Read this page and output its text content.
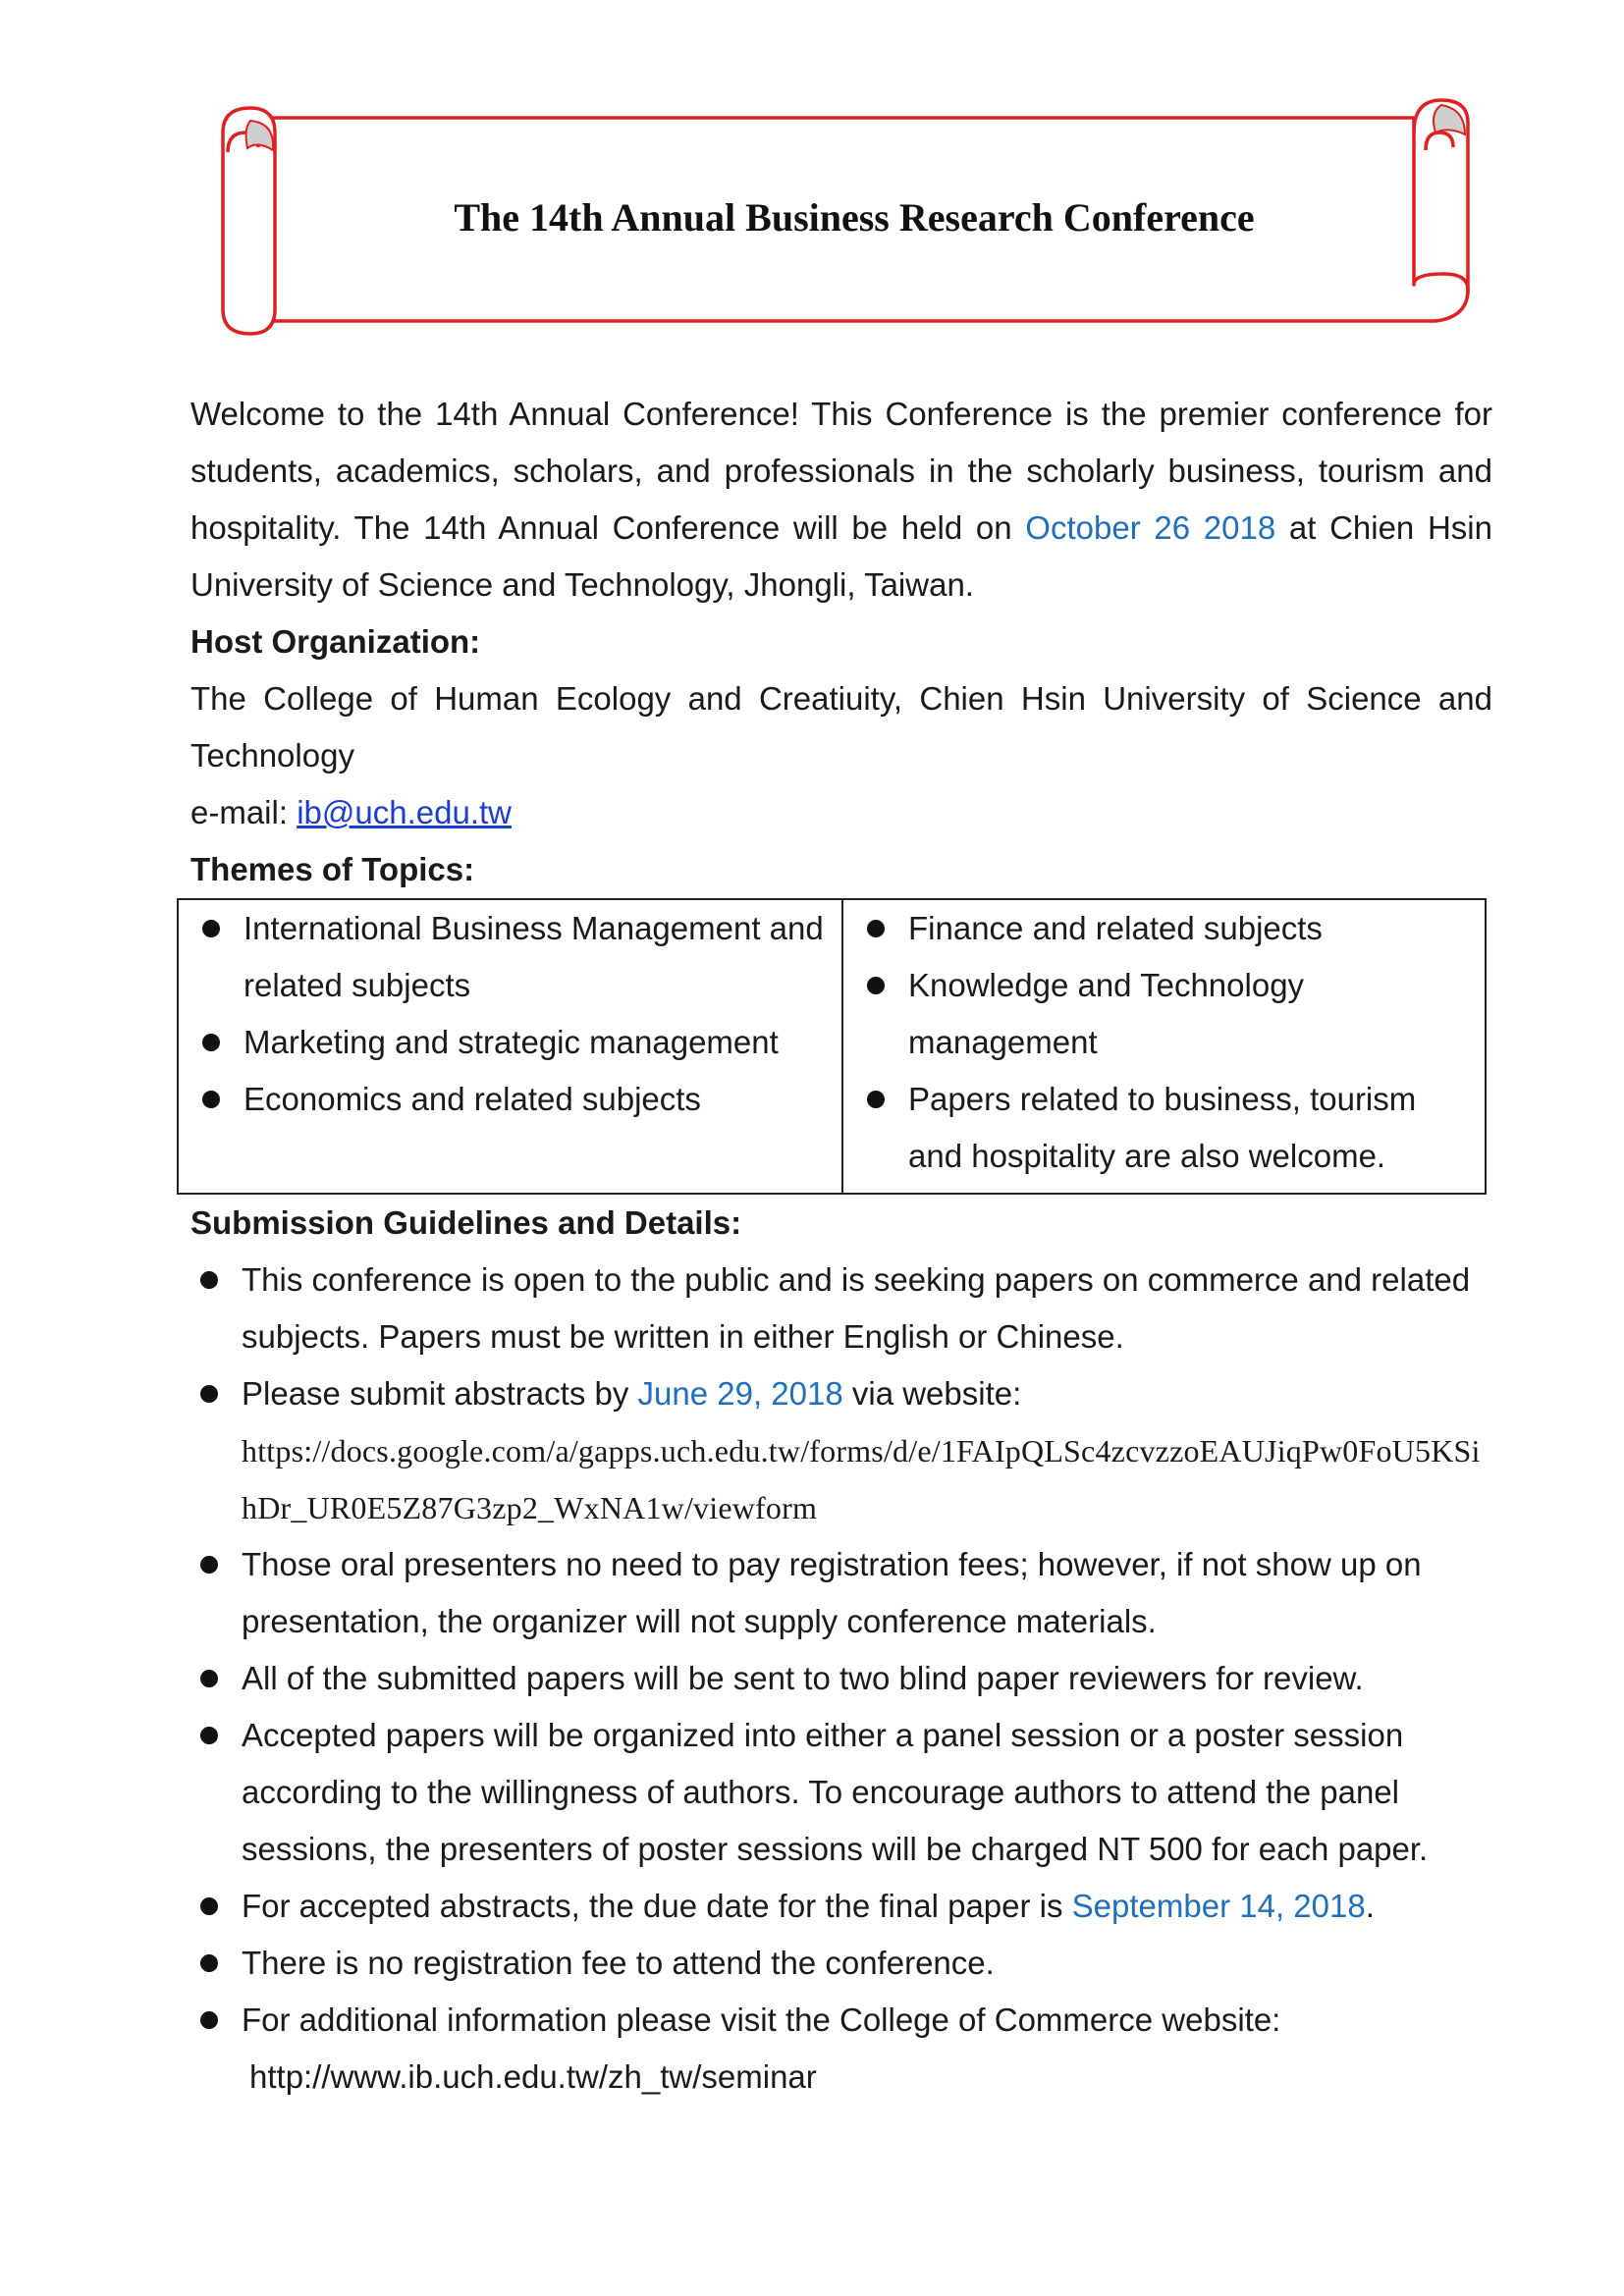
The 14th Annual Business Research Conference

Welcome to the 14th Annual Conference! This Conference is the premier conference for students, academics, scholars, and professionals in the scholarly business, tourism and hospitality. The 14th Annual Conference will be held on October 26 2018 at Chien Hsin University of Science and Technology, Jhongli, Taiwan.

Host Organization:

The College of Human Ecology and Creatiuity, Chien Hsin University of Science and Technology

e-mail: ib@uch.edu.tw

Themes of Topics:

International Business Management and related subjects
Marketing and strategic management
Economics and related subjects

Finance and related subjects
Knowledge and Technology management
Papers related to business, tourism and hospitality are also welcome.

Submission Guidelines and Details:

This conference is open to the public and is seeking papers on commerce and related subjects. Papers must be written in either English or Chinese.
Please submit abstracts by June 29, 2018 via website:
https://docs.google.com/a/gapps.uch.edu.tw/forms/d/e/1FAIpQLSc4zcvzzoEAUJiqPw0FoU5KSihDr_UR0E5Z87G3zp2_WxNA1w/viewform
Those oral presenters no need to pay registration fees; however, if not show up on presentation, the organizer will not supply conference materials.
All of the submitted papers will be sent to two blind paper reviewers for review.
Accepted papers will be organized into either a panel session or a poster session according to the willingness of authors. To encourage authors to attend the panel sessions, the presenters of poster sessions will be charged NT 500 for each paper.
For accepted abstracts, the due date for the final paper is September 14, 2018.
There is no registration fee to attend the conference.
For additional information please visit the College of Commerce website:
http://www.ib.uch.edu.tw/zh_tw/seminar
